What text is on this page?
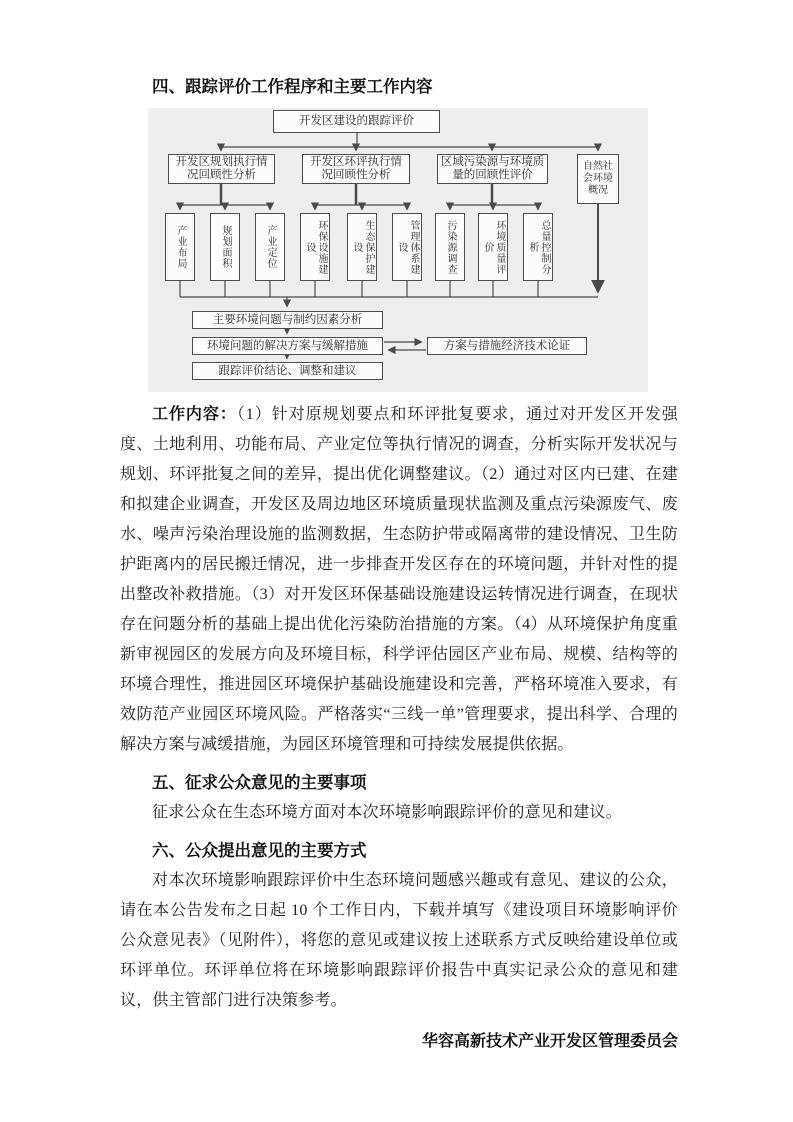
四、跟踪评价工作程序和主要工作内容
开发区建设的跟踪评价
开发区规划执行情况回顾性分析
开发区环评执行情况回顾性分析
区域污染源与环境质量的回顾性评价
自然社会环境概况
产业布局	规划面积	产业定位	环保设施建设	生态保护建设	管理体系建设	污染源调查	环境质量评价	总量控制分析
主要环境问题与制约因素分析
环境问题的解决方案与缓解措施	方案与措施经济技术论证
跟踪评价结论、调整和建议

工作内容：（1）针对原规划要点和环评批复要求，通过对开发区开发强度、土地利用、功能布局、产业定位等执行情况的调查，分析实际开发状况与规划、环评批复之间的差异，提出优化调整建议。（2）通过对区内已建、在建和拟建企业调查，开发区及周边地区环境质量现状监测及重点污染源废气、废水、噪声污染治理设施的监测数据，生态防护带或隔离带的建设情况、卫生防护距离内的居民搬迁情况，进一步排查开发区存在的环境问题，并针对性的提出整改补救措施。（3）对开发区环保基础设施建设运转情况进行调查，在现状存在问题分析的基础上提出优化污染防治措施的方案。（4）从环境保护角度重新审视园区的发展方向及环境目标，科学评估园区产业布局、规模、结构等的环境合理性，推进园区环境保护基础设施建设和完善，严格环境准入要求，有效防范产业园区环境风险。严格落实“三线一单”管理要求，提出科学、合理的解决方案与减缓措施，为园区环境管理和可持续发展提供依据。

五、征求公众意见的主要事项

征求公众在生态环境方面对本次环境影响跟踪评价的意见和建议。

六、公众提出意见的主要方式

对本次环境影响跟踪评价中生态环境问题感兴趣或有意见、建议的公众，请在本公告发布之日起 10 个工作日内，下载并填写《建设项目环境影响评价公众意见表》（见附件），将您的意见或建议按上述联系方式反映给建设单位或环评单位。环评单位将在环境影响跟踪评价报告中真实记录公众的意见和建议，供主管部门进行决策参考。

华容高新技术产业开发区管理委员会
